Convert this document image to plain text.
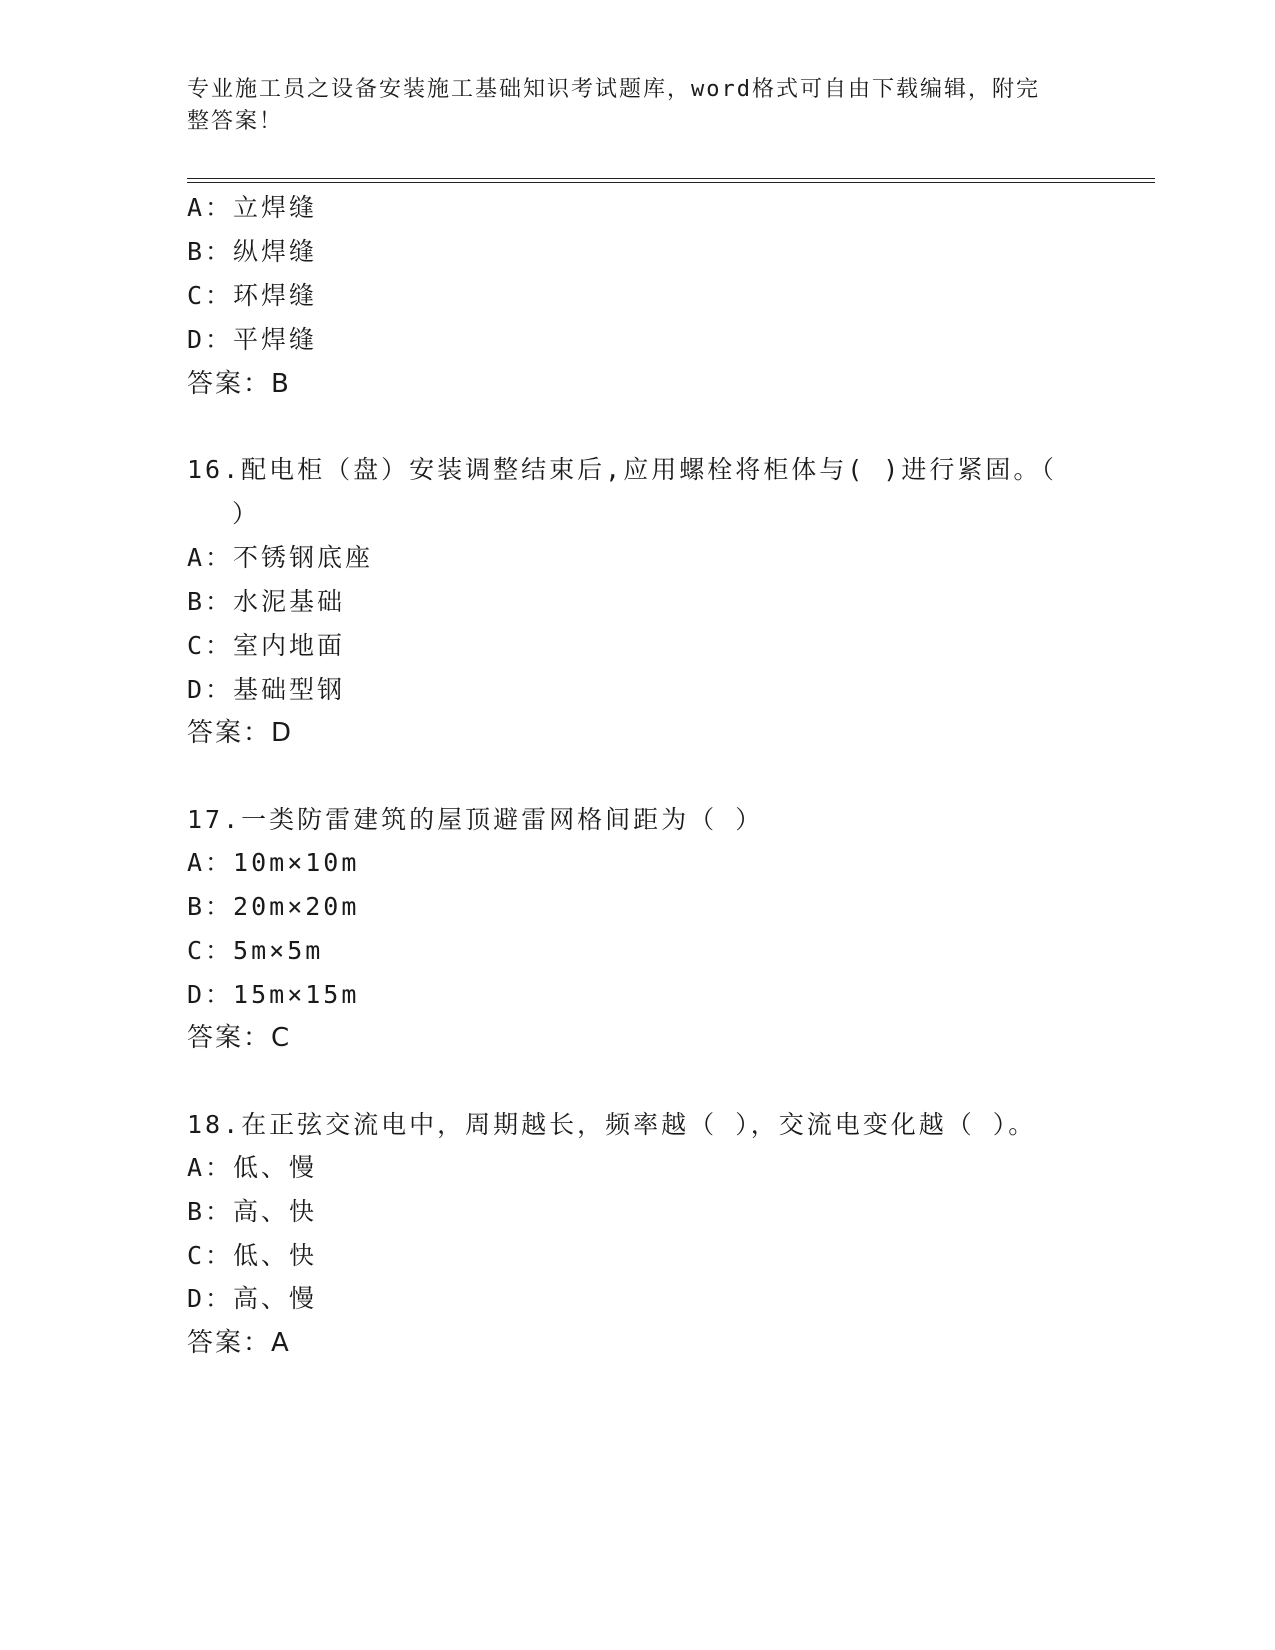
专业施工员之设备安装施工基础知识考试题库，word格式可自由下载编辑，附完
整答案！
A：立焊缝
B：纵焊缝
C：环焊缝
D：平焊缝
答案：B
16.配电柜（盘）安装调整结束后,应用螺栓将柜体与( )进行紧固。（
）
A：不锈钢底座
B：水泥基础
C：室内地面
D：基础型钢
答案：D
17.一类防雷建筑的屋顶避雷网格间距为（ ）
A：10m×10m
B：20m×20m
C：5m×5m
D：15m×15m
答案：C
18.在正弦交流电中，周期越长，频率越（ ），交流电变化越（ ）。
A：低、慢
B：高、快
C：低、快
D：高、慢
答案：A
